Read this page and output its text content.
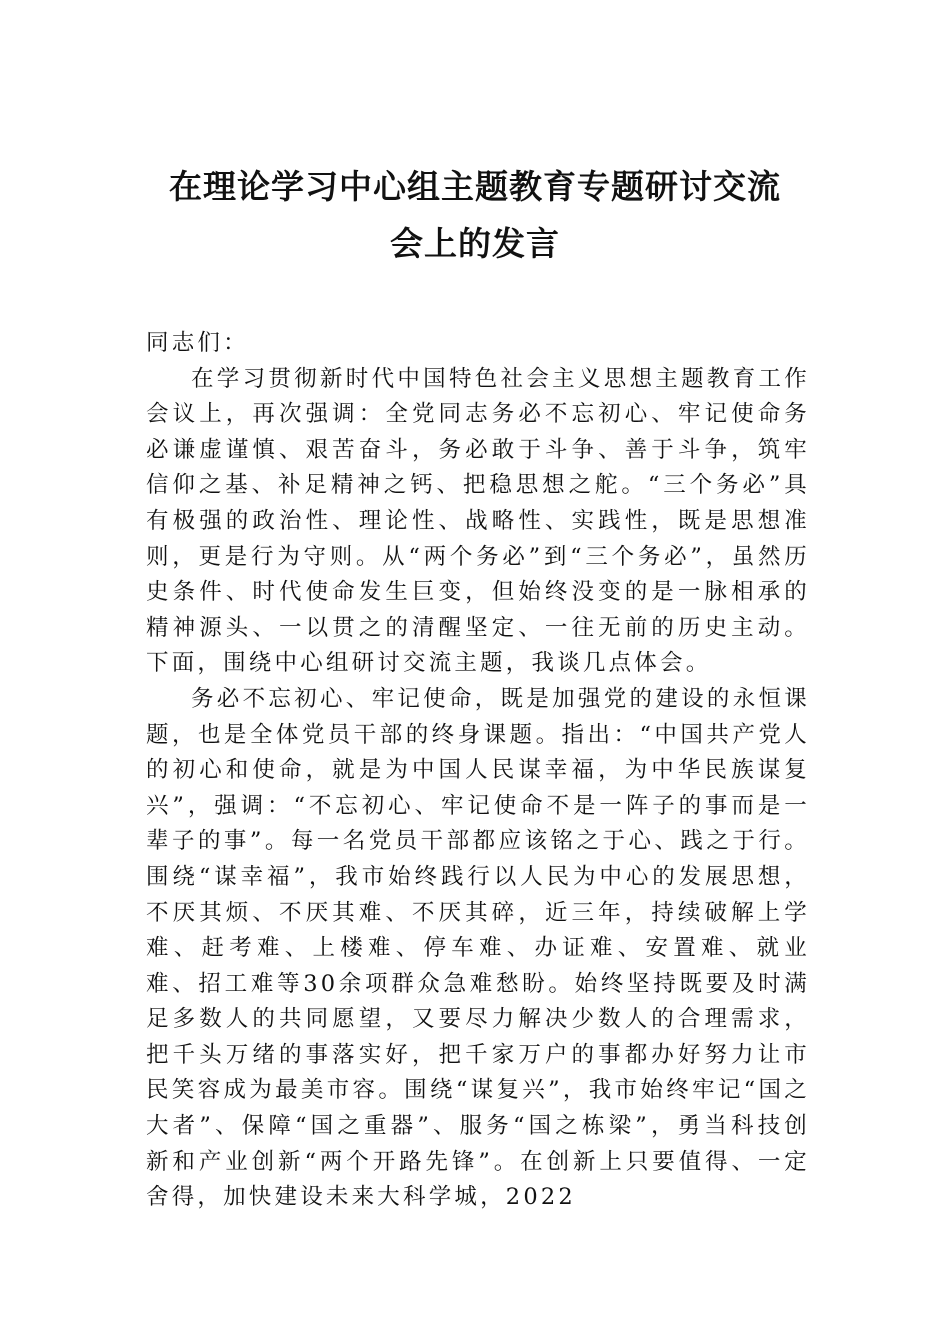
在理论学习中心组主题教育专题研讨交流
会上的发言

同志们：

在学习贯彻新时代中国特色社会主义思想主题教育工作会议上，再次强调：全党同志务必不忘初心、牢记使命务必谦虚谨慎、艰苦奋斗，务必敢于斗争、善于斗争，筑牢信仰之基、补足精神之钙、把稳思想之舵。“三个务必”具有极强的政治性、理论性、战略性、实践性，既是思想准则，更是行为守则。从“两个务必”到“三个务必”，虽然历史条件、时代使命发生巨变，但始终没变的是一脉相承的精神源头、一以贯之的清醒坚定、一往无前的历史主动。下面，围绕中心组研讨交流主题，我谈几点体会。

务必不忘初心、牢记使命，既是加强党的建设的永恒课题，也是全体党员干部的终身课题。指出：“中国共产党人的初心和使命，就是为中国人民谋幸福，为中华民族谋复兴”，强调：“不忘初心、牢记使命不是一阵子的事而是一辈子的事”。每一名党员干部都应该铭之于心、践之于行。围绕“谋幸福”，我市始终践行以人民为中心的发展思想，不厌其烦、不厌其难、不厌其碎，近三年，持续破解上学难、赶考难、上楼难、停车难、办证难、安置难、就业难、招工难等30余项群众急难愁盼。始终坚持既要及时满足多数人的共同愿望，又要尽力解决少数人的合理需求，把千头万绪的事落实好，把千家万户的事都办好努力让市民笑容成为最美市容。围绕“谋复兴”，我市始终牢记“国之大者”、保障“国之重器”、服务“国之栋梁”，勇当科技创新和产业创新“两个开路先锋”。在创新上只要值得、一定舍得，加快建设未来大科学城，2022
